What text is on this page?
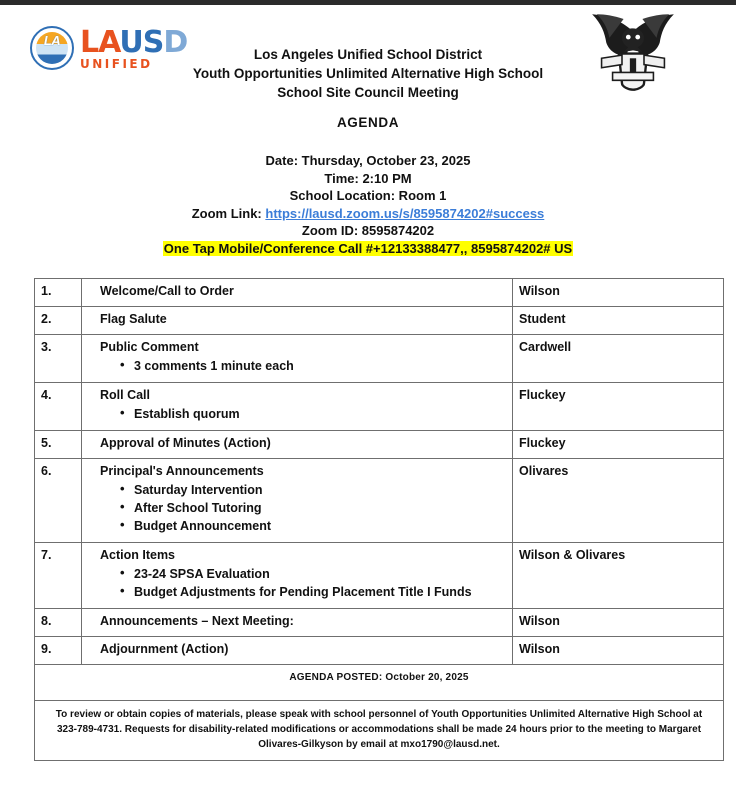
LA LAUSD
UNIFIED
Los Angeles Unified School District
Youth Opportunities Unlimited Alternative High School
School Site Council Meeting
AGENDA
Date: Thursday, October 23, 2025
Time: 2:10 PM
School Location: Room 1
Zoom Link: https://lausd.zoom.us/s/8595874202#success
Zoom ID: 8595874202
One Tap Mobile/Conference Call #+12133388477,, 8595874202# US
1.	Welcome/Call to Order	Wilson
2.	Flag Salute	Student
3.	Public Comment
• 3 comments 1 minute each
	Cardwell
4.	Roll Call
• Establish quorum
	Fluckey
5.	Approval of Minutes (Action)	Fluckey
6.	Principal's Announcements
• Saturday Intervention
• After School Tutoring
• Budget Announcement
	Olivares
7.	Action Items
• 23-24 SPSA Evaluation
• Budget Adjustments for Pending Placement Title I Funds
	Wilson & Olivares
8.	Announcements – Next Meeting:	Wilson
9.	Adjournment (Action)	Wilson
AGENDA POSTED: October 20, 2025		
To review or obtain copies of materials, please speak with school personnel of Youth Opportunities Unlimited Alternative High School at 323-789-4731. Requests for disability-related modifications or accommodations shall be made 24 hours prior to the meeting to Margaret Olivares-Gilkyson by email at mxo1790@lausd.net.		
